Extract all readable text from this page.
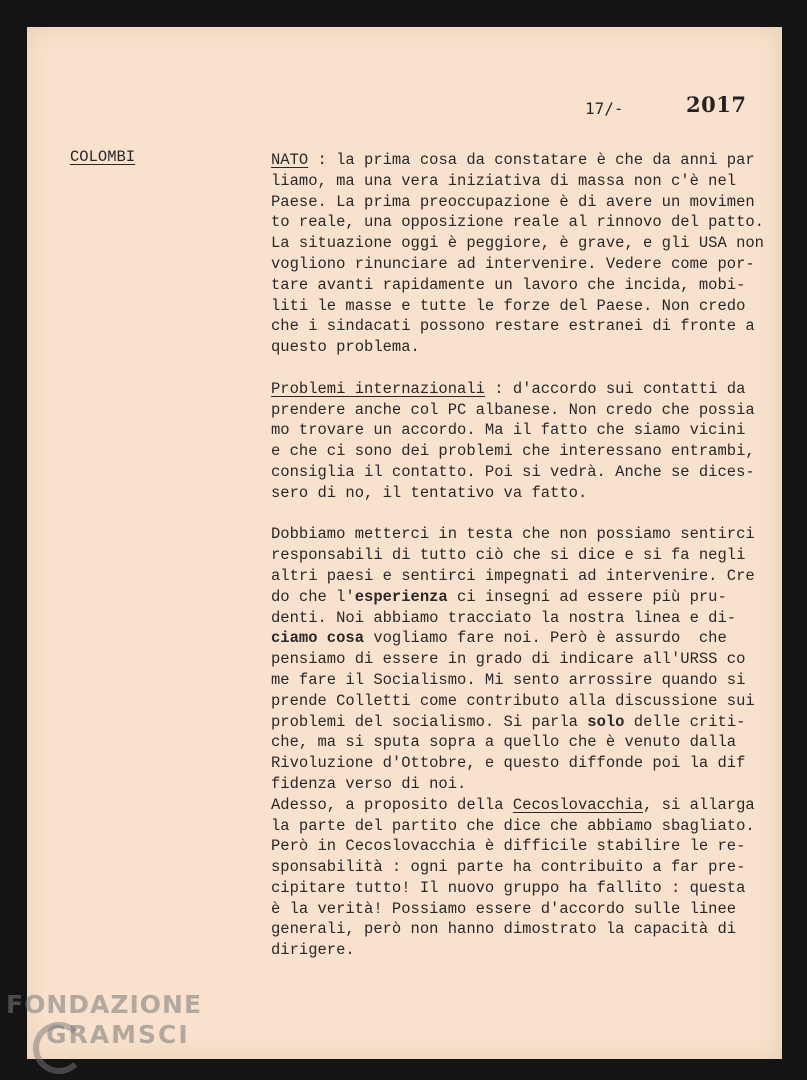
17/-	2017
COLOMBI	NATO : la prima cosa da constatare è che da anni par
liamo, ma una vera iniziativa di massa non c'è nel
Paese. La prima preoccupazione è di avere un movimen
to reale, una opposizione reale al rinnovo del patto.
La situazione oggi è peggiore, è grave, e gli USA non
vogliono rinunciare ad intervenire. Vedere come por-
tare avanti rapidamente un lavoro che incida, mobi-
liti le masse e tutte le forze del Paese. Non credo
che i sindacati possono restare estranei di fronte a
questo problema.
Problemi internazionali : d'accordo sui contatti da
prendere anche col PC albanese. Non credo che possia
mo trovare un accordo. Ma il fatto che siamo vicini
e che ci sono dei problemi che interessano entrambi,
consiglia il contatto. Poi si vedrà. Anche se dices-
sero di no, il tentativo va fatto.
Dobbiamo metterci in testa che non possiamo sentirci
responsabili di tutto ciò che si dice e si fa negli
altri paesi e sentirci impegnati ad intervenire. Cre
do che l'esperienza ci insegni ad essere più pru-
denti. Noi abbiamo tracciato la nostra linea e di-
ciamo cosa vogliamo fare noi. Però è assurdo  che
pensiamo di essere in grado di indicare all'URSS co
me fare il Socialismo. Mi sento arrossire quando si
prende Colletti come contributo alla discussione sui
problemi del socialismo. Si parla solo delle criti-
che, ma si sputa sopra a quello che è venuto dalla
Rivoluzione d'Ottobre, e questo diffonde poi la dif
fidenza verso di noi.
Adesso, a proposito della Cecoslovacchia, si allarga
la parte del partito che dice che abbiamo sbagliato.
Però in Cecoslovacchia è difficile stabilire le re-
sponsabilità : ogni parte ha contribuito a far pre-
cipitare tutto! Il nuovo gruppo ha fallito : questa
è la verità! Possiamo essere d'accordo sulle linee
generali, però non hanno dimostrato la capacità di
dirigere.
FONDAZIONE
GRAMSCI
